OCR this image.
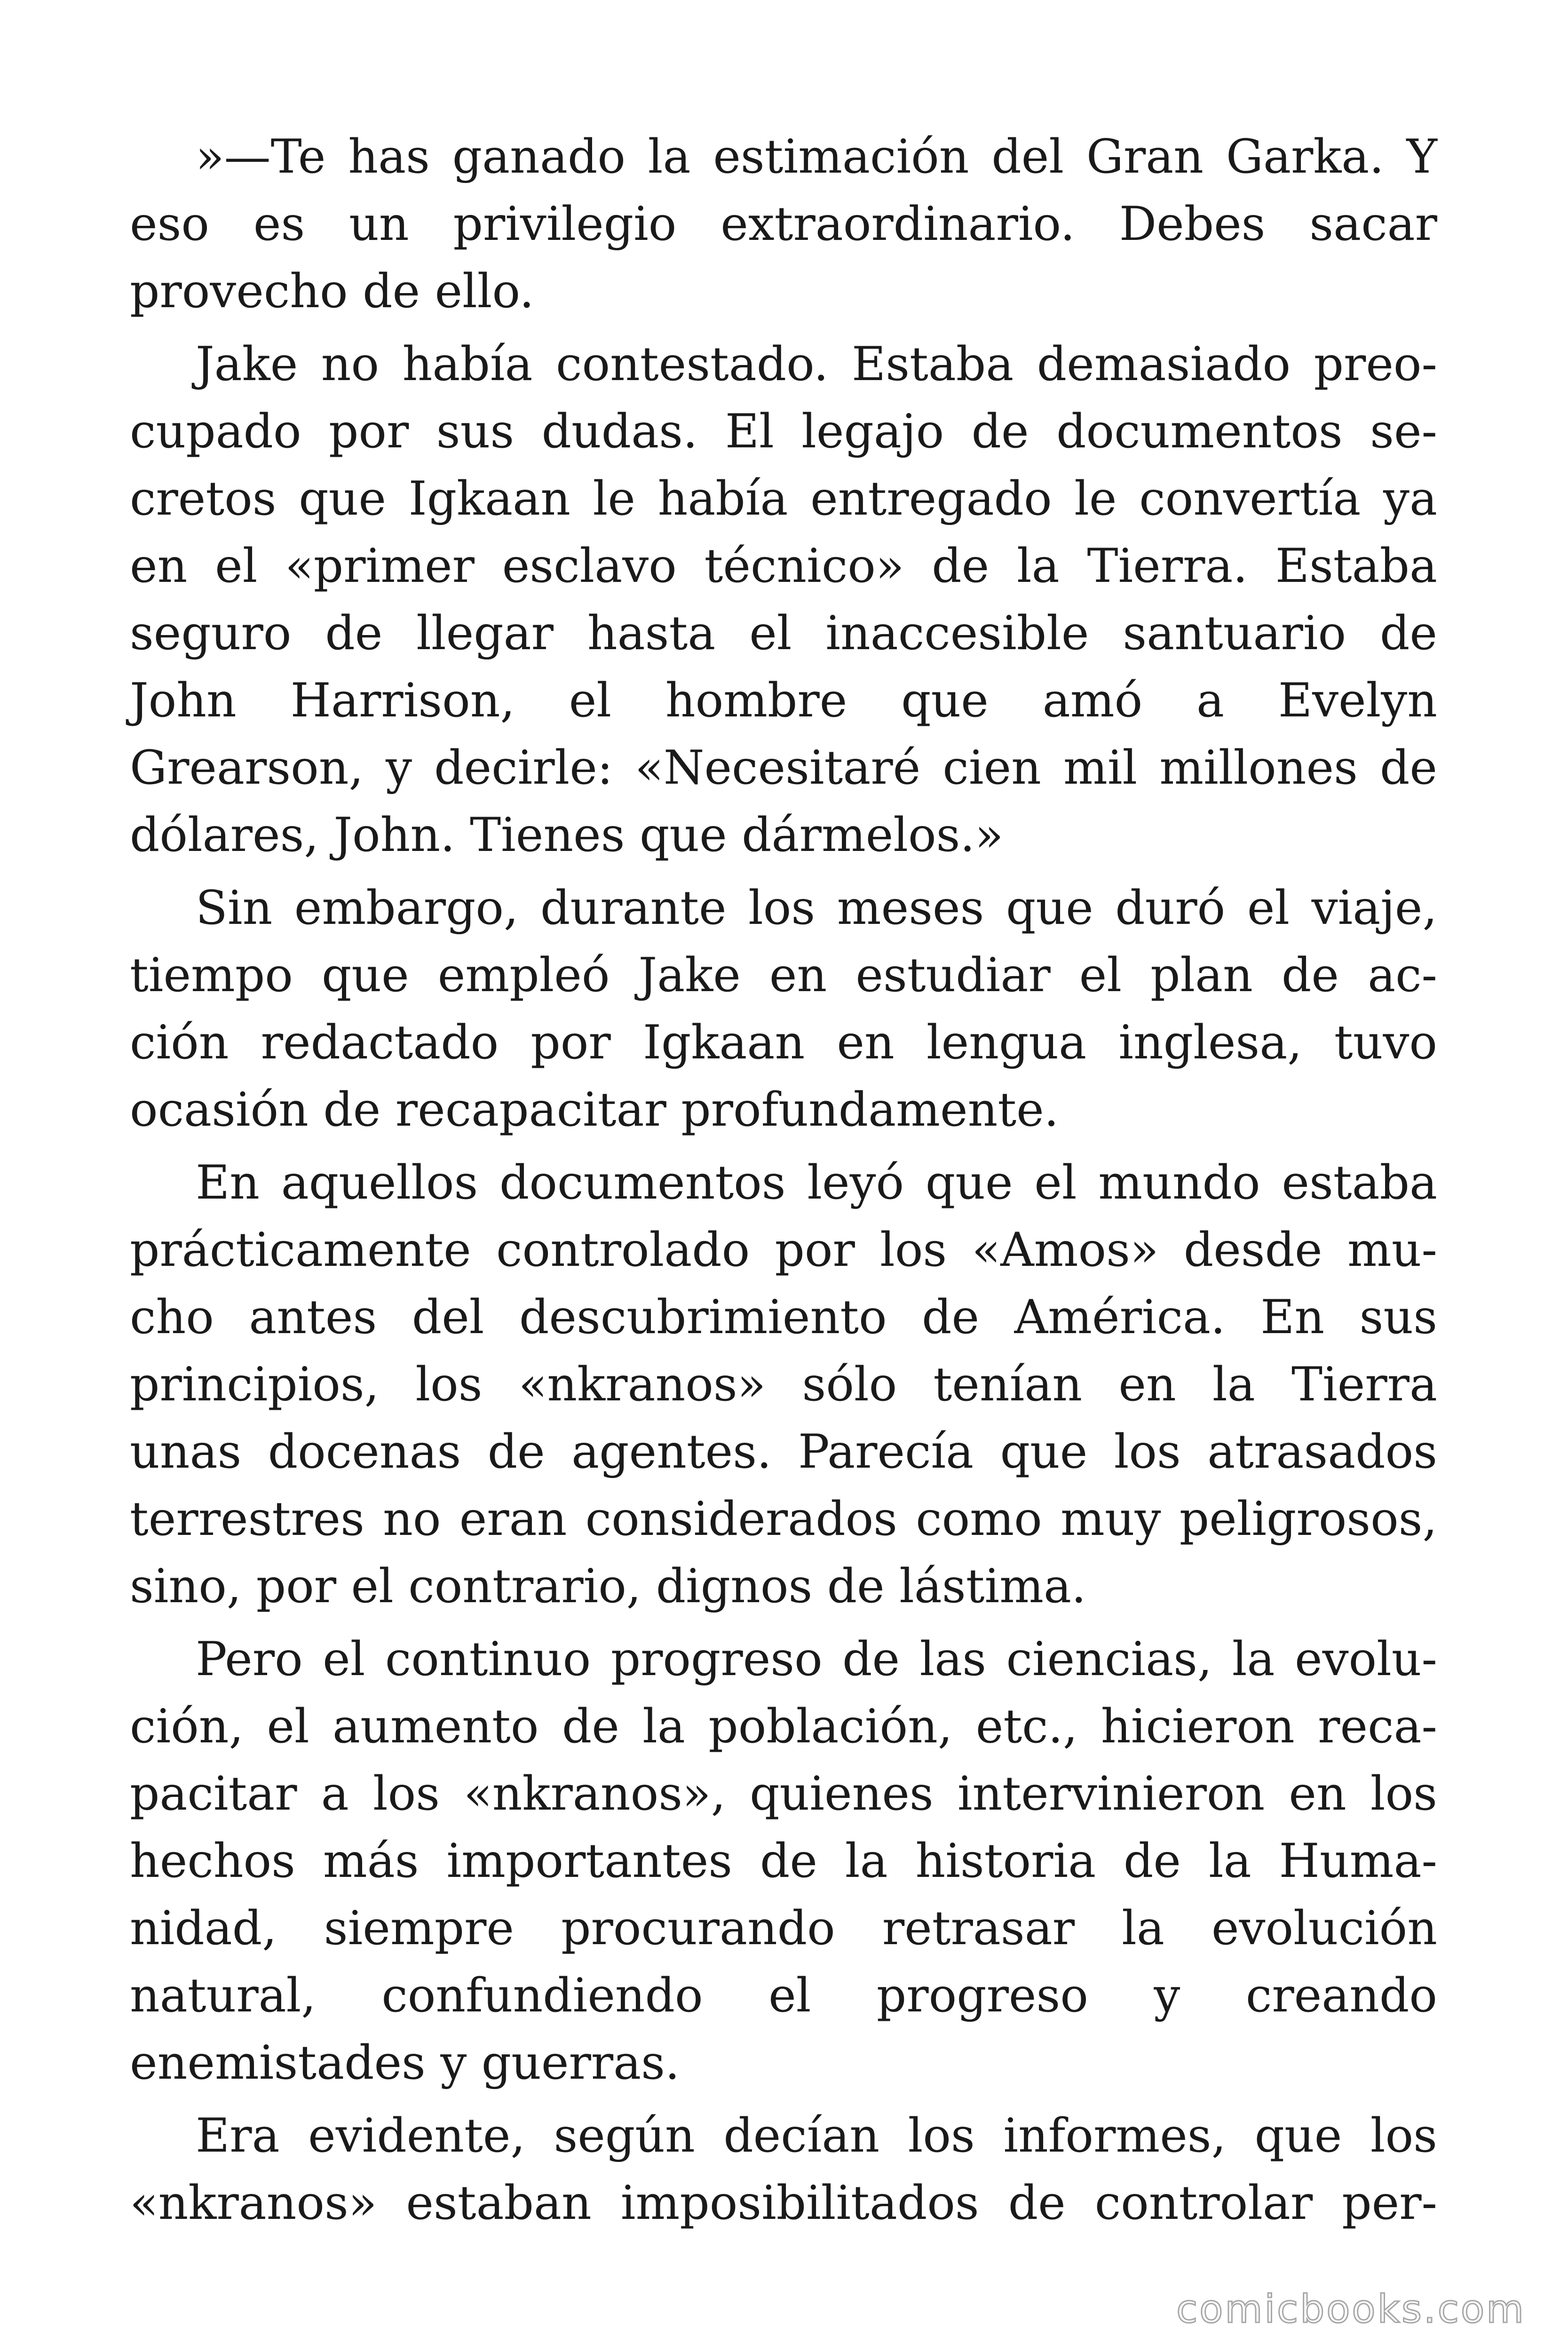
»—Te has ganado la estimación del Gran Garka. Y
eso es un privilegio extraordinario. Debes sacar
provecho de ello.
Jake no había contestado. Estaba demasiado preo-
cupado por sus dudas. El legajo de documentos se-
cretos que Igkaan le había entregado le convertía ya
en el «primer esclavo técnico» de la Tierra. Estaba
seguro de llegar hasta el inaccesible santuario de
John Harrison, el hombre que amó a Evelyn
Grearson, y decirle: «Necesitaré cien mil millones de
dólares, John. Tienes que dármelos.»
Sin embargo, durante los meses que duró el viaje,
tiempo que empleó Jake en estudiar el plan de ac-
ción redactado por Igkaan en lengua inglesa, tuvo
ocasión de recapacitar profundamente.
En aquellos documentos leyó que el mundo estaba
prácticamente controlado por los «Amos» desde mu-
cho antes del descubrimiento de América. En sus
principios, los «nkranos» sólo tenían en la Tierra
unas docenas de agentes. Parecía que los atrasados
terrestres no eran considerados como muy peligrosos,
sino, por el contrario, dignos de lástima.
Pero el continuo progreso de las ciencias, la evolu-
ción, el aumento de la población, etc., hicieron reca-
pacitar a los «nkranos», quienes intervinieron en los
hechos más importantes de la historia de la Huma-
nidad, siempre procurando retrasar la evolución
natural, confundiendo el progreso y creando
enemistades y guerras.
Era evidente, según decían los informes, que los
«nkranos» estaban imposibilitados de controlar per-
comicbooks.com
